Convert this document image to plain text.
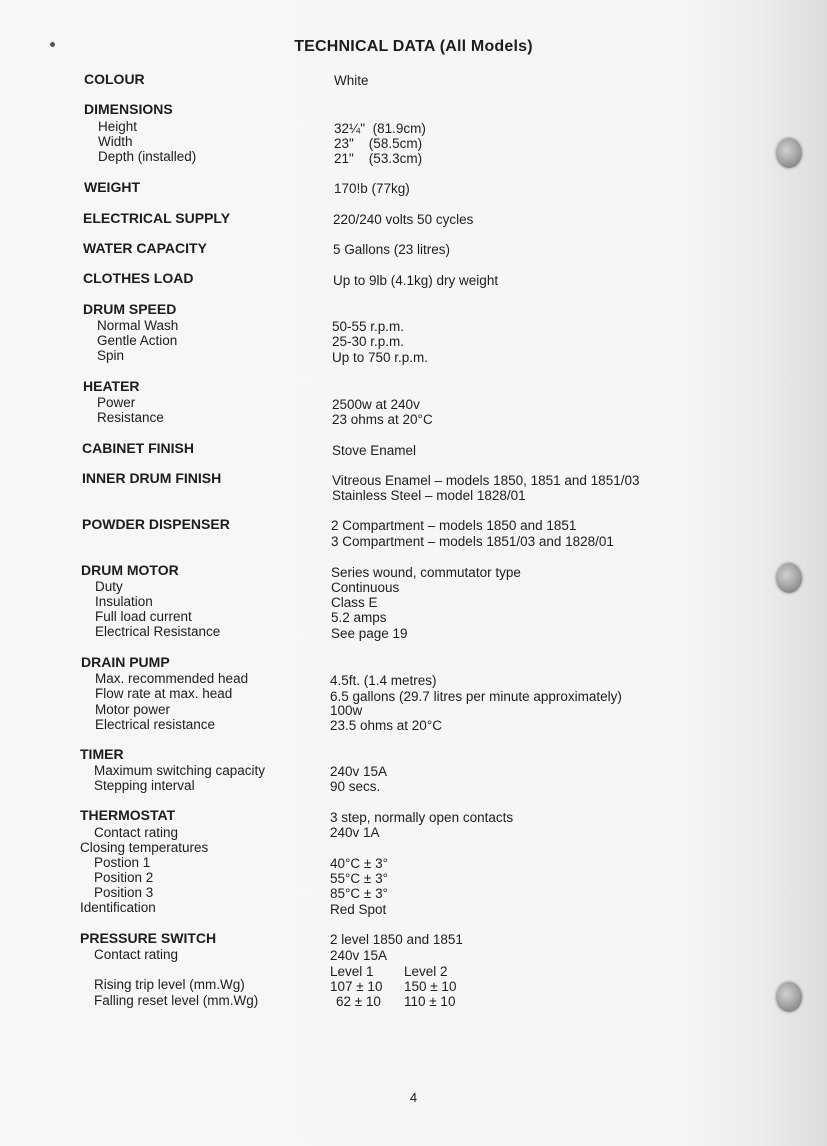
TECHNICAL DATA (All Models)
COLOUR	White
DIMENSIONS
Height	32¼"  (81.9cm)
Width	23"    (58.5cm)
Depth (installed)	21"    (53.3cm)
WEIGHT	170!b (77kg)
ELECTRICAL SUPPLY	220/240 volts 50 cycles
WATER CAPACITY	5 Gallons (23 litres)
CLOTHES LOAD	Up to 9lb (4.1kg) dry weight
DRUM SPEED
Normal Wash	50-55 r.p.m.
Gentle Action	25-30 r.p.m.
Spin	Up to 750 r.p.m.
HEATER
Power	2500w at 240v
Resistance	23 ohms at 20°C
CABINET FINISH	Stove Enamel
INNER DRUM FINISH	Vitreous Enamel – models 1850, 1851 and 1851/03
Stainless Steel – model 1828/01
POWDER DISPENSER	2 Compartment – models 1850 and 1851
3 Compartment – models 1851/03 and 1828/01
DRUM MOTOR	Series wound, commutator type
Duty	Continuous
Insulation	Class E
Full load current	5.2 amps
Electrical Resistance	See page 19
DRAIN PUMP
Max. recommended head	4.5ft. (1.4 metres)
Flow rate at max. head	6.5 gallons (29.7 litres per minute approximately)
Motor power	100w
Electrical resistance	23.5 ohms at 20°C
TIMER
Maximum switching capacity	240v 15A
Stepping interval	90 secs.
THERMOSTAT	3 step, normally open contacts
Contact rating	240v 1A
Closing temperatures
Postion 1	40°C ± 3°
Position 2	55°C ± 3°
Position 3	85°C ± 3°
Identification	Red Spot
PRESSURE SWITCH	2 level 1850 and 1851
Contact rating	240v 15A
Level 1 Level 2
Rising trip level (mm.Wg)	107 ± 10 150 ± 10
Falling reset level (mm.Wg)	62 ± 10 110 ± 10
4
